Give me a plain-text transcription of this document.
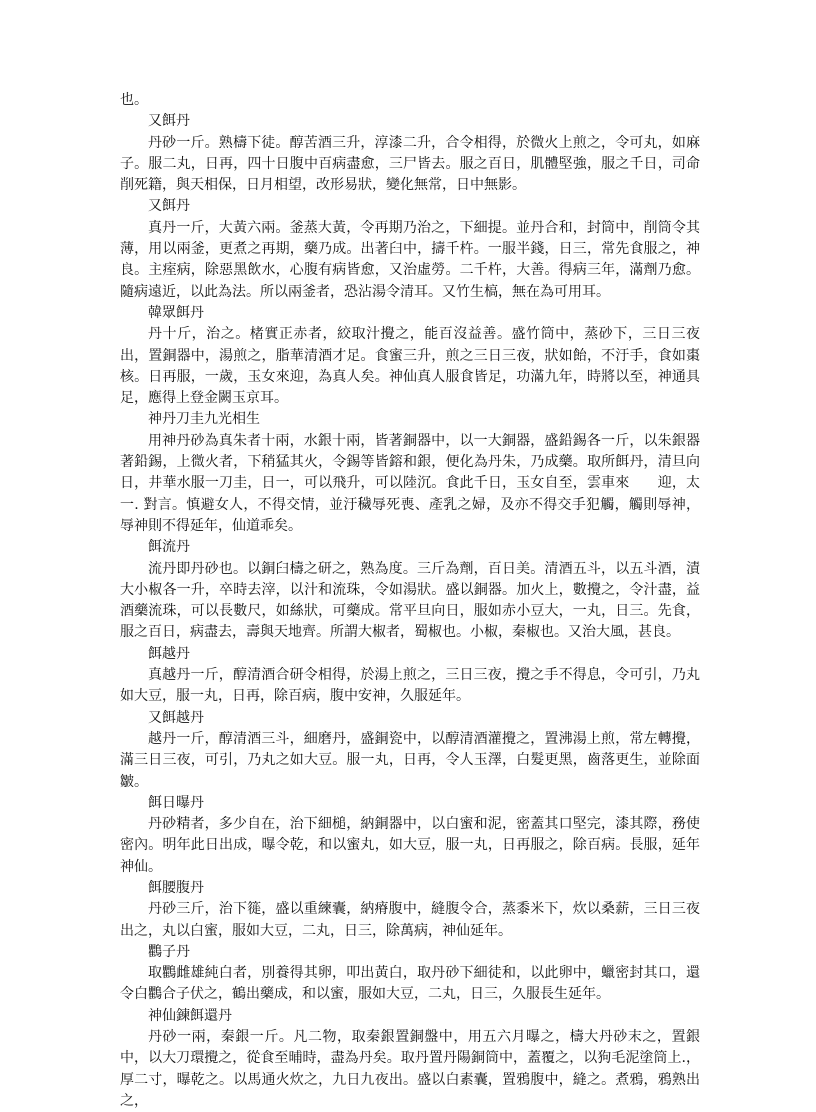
也。

又餌丹

丹砂一斤。熟檮下徒。醇苦酒三升，淳漆二升，合令相得，於微火上煎之，令可丸，如麻子。服二丸，日再，四十日腹中百病盡愈，三尸皆去。服之百日，肌體堅強，服之千日，司命削死籍，與天相保，日月相望，改形易狀，變化無常，日中無影。

又餌丹

真丹一斤，大黃六兩。釜蒸大黃，令再期乃治之，下細提。並丹合和，封筒中，削筒令其薄，用以兩釜，更煮之再期，藥乃成。出著臼中，擣千杵。一服半錢，日三，常先食服之，神良。主痓病，除惡黑飲水，心腹有病皆愈，又治虛勞。二千杵，大善。得病三年，滿劑乃愈。隨病遠近，以此為法。所以兩釜者，恐沾湯令清耳。又竹生槁，無在為可用耳。

韓眾餌丹

丹十斤，治之。楮實正赤者，絞取汁攪之，能百沒益善。盛竹筒中，蒸砂下，三日三夜出，置銅器中，湯煎之，脂華清酒才足。食蜜三升，煎之三日三夜，狀如飴，不汙手，食如棗核。日再服，一歲，玉女來迎，為真人矣。神仙真人服食皆足，功滿九年，時將以至，神通具足，應得上登金闕玉京耳。

神丹刀圭九光相生

用神丹砂為真朱者十兩，水銀十兩，皆著銅器中，以一大銅器，盛鉛錫各一斤，以朱銀器著鉛錫，上微火者，下稍猛其火，令錫等皆鎔和銀，便化為丹朱，乃成藥。取所餌丹，清旦向日，井華水服一刀圭，日一，可以飛升，可以陸沉。食此千日，玉女自至，雲車來　　迎，太一. 對言。慎避女人，不得交情，並汙穢辱死喪、產乳之婦，及亦不得交手犯觸，觸則辱神，辱神則不得延年，仙道乖矣。

餌流丹

流丹即丹砂也。以銅臼檮之研之，熟為度。三斤為劑，百日美。清酒五斗，以五斗酒，漬大小椒各一升，卒時去滓，以汁和流珠，令如湯狀。盛以銅器。加火上，數攪之，令汁盡，益酒藥流珠，可以長數尺，如絲狀，可藥成。常平旦向日，服如赤小豆大，一丸，日三。先食，服之百日，病盡去，壽與天地齊。所謂大椒者，蜀椒也。小椒，秦椒也。又治大風，甚良。

餌越丹

真越丹一斤，醇清酒合研令相得，於湯上煎之，三日三夜，攪之手不得息，令可引，乃丸如大豆，服一丸，日再，除百病，腹中安神，久服延年。

又餌越丹

越丹一斤，醇清酒三斗，細磨丹，盛銅瓷中，以醇清酒灌攪之，置沸湯上煎，常左轉攪，滿三日三夜，可引，乃丸之如大豆。服一丸，日再，令人玉澤，白髮更黑，齒落更生，並除面皺。

餌日曝丹

丹砂精者，多少自在，治下細槌，納銅器中，以白蜜和泥，密蓋其口堅完，漆其際，務使密內。明年此日出成，曝令乾，和以蜜丸，如大豆，服一丸，日再服之，除百病。長服，延年神仙。

餌腰腹丹

丹砂三斤，治下簁，盛以重練囊，納瘠腹中，縫腹令合，蒸黍米下，炊以桑薪，三日三夜出之，丸以白蜜，服如大豆，二丸，日三，除萬病，神仙延年。

鸜子丹

取鸜雌雄純白者，別養得其卵，叩出黃白，取丹砂下細徒和，以此卵中，蠟密封其口，還令白鸜合子伏之，鶴出藥成，和以蜜，服如大豆，二丸，日三，久服長生延年。

神仙鍊餌還丹

丹砂一兩，秦銀一斤。凡二物，取秦銀置銅盤中，用五六月曝之，檮大丹砂末之，置銀中，以大刀環攪之，從食至晡時，盡為丹矣。取丹置丹陽銅筒中，蓋覆之，以狗毛泥塗筒上.，厚二寸，曝乾之。以馬通火炊之，九日九夜出。盛以白素囊，置鴉腹中，縫之。煮鴉，鴉熟出之，
